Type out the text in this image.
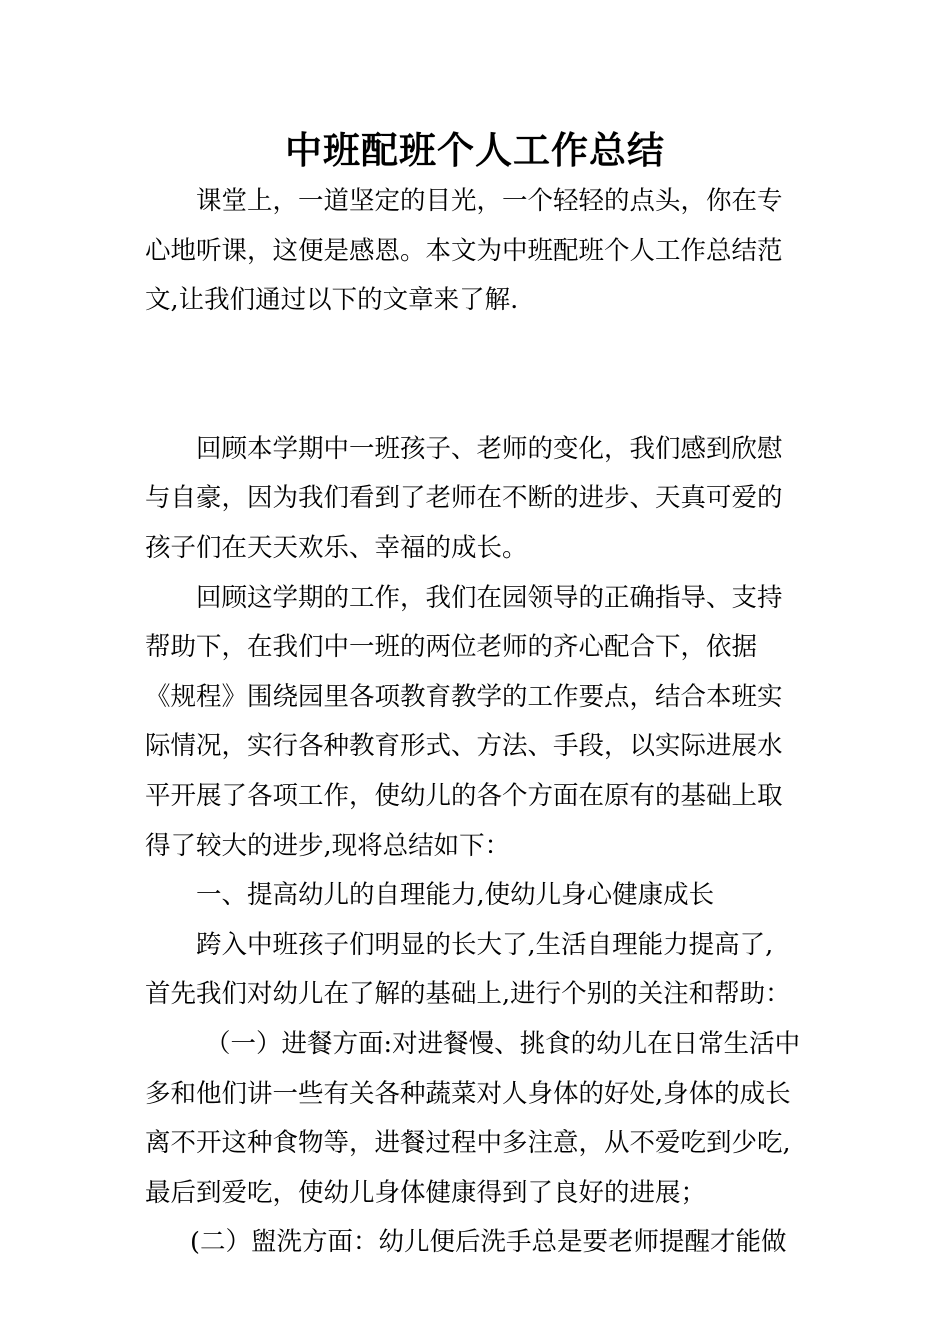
中班配班个人工作总结
课堂上，一道坚定的目光，一个轻轻的点头，你在专
心地听课，这便是感恩。本文为中班配班个人工作总结范
文,让我们通过以下的文章来了解.
回顾本学期中一班孩子、老师的变化，我们感到欣慰
与自豪，因为我们看到了老师在不断的进步、天真可爱的
孩子们在天天欢乐、幸福的成长。
回顾这学期的工作，我们在园领导的正确指导、支持
帮助下，在我们中一班的两位老师的齐心配合下，依据
《规程》围绕园里各项教育教学的工作要点，结合本班实
际情况，实行各种教育形式、方法、手段，以实际进展水
平开展了各项工作，使幼儿的各个方面在原有的基础上取
得了较大的进步,现将总结如下：
一、提高幼儿的自理能力,使幼儿身心健康成长
跨入中班孩子们明显的长大了,生活自理能力提高了,
首先我们对幼儿在了解的基础上,进行个别的关注和帮助：
（一）进餐方面:对进餐慢、挑食的幼儿在日常生活中
多和他们讲一些有关各种蔬菜对人身体的好处,身体的成长
离不开这种食物等，进餐过程中多注意，从不爱吃到少吃,
最后到爱吃，使幼儿身体健康得到了良好的进展；
(二）盥洗方面：幼儿便后洗手总是要老师提醒才能做
